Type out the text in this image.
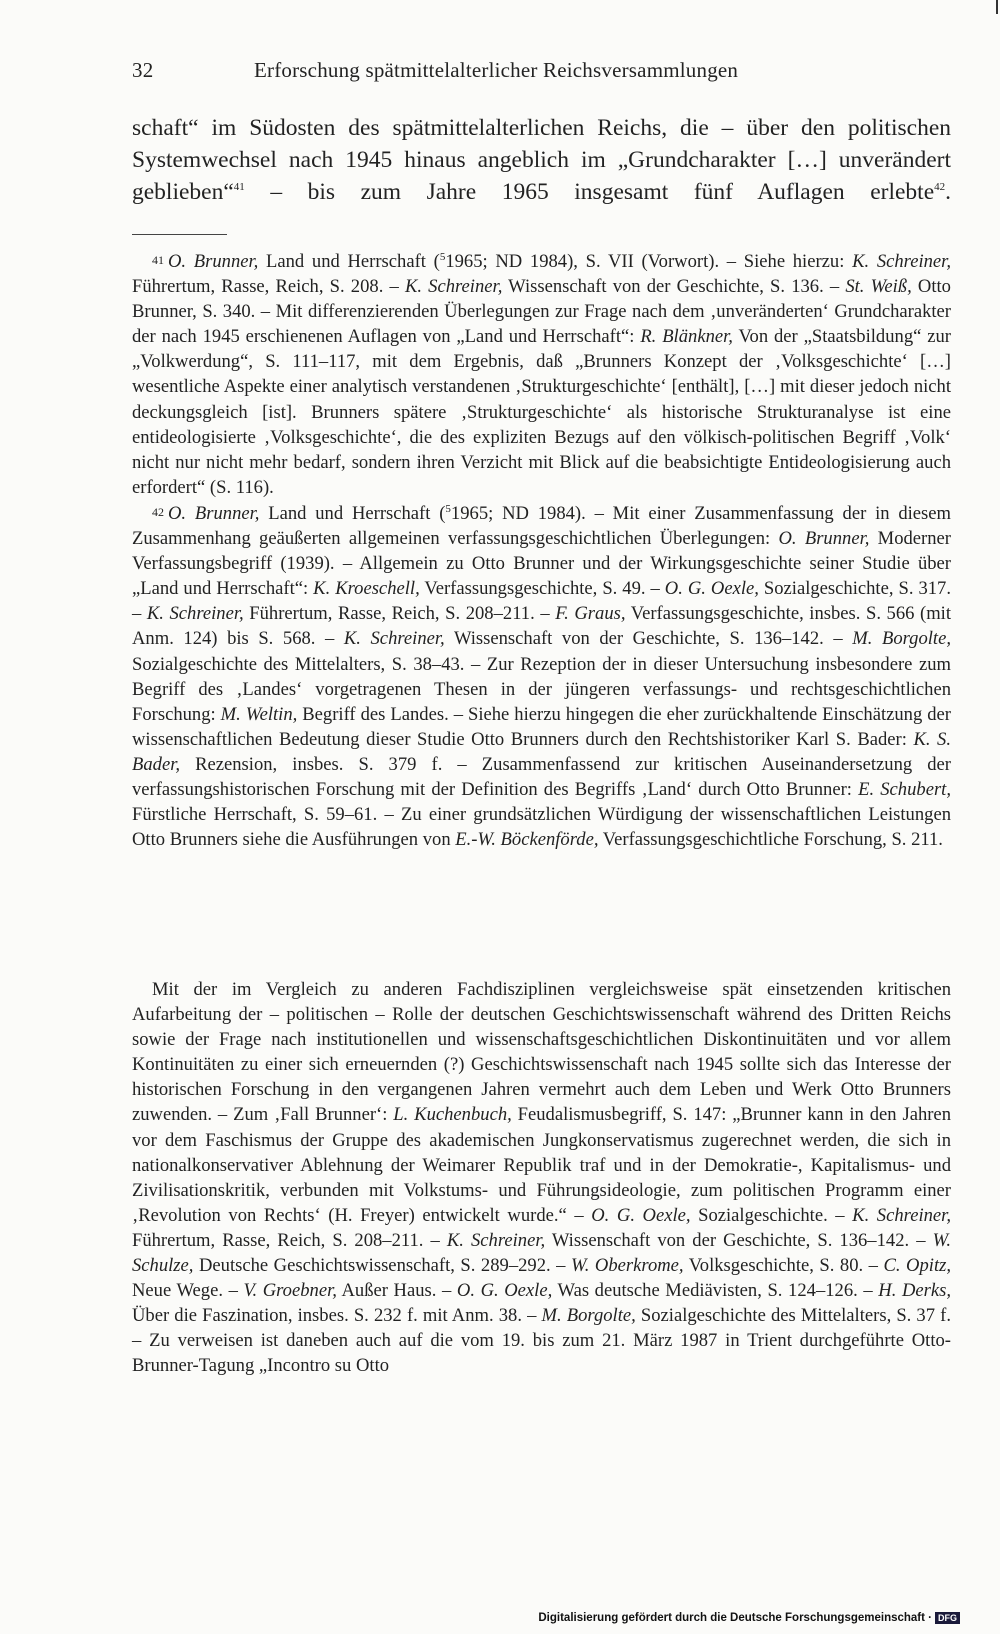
32	Erforschung spätmittelalterlicher Reichsversammlungen
schaft“ im Südosten des spätmittelalterlichen Reichs, die – über den politischen Systemwechsel nach 1945 hinaus angeblich im „Grundcharakter […] unverändert geblieben“$^{41}$ – bis zum Jahre 1965 insgesamt fünf Auflagen erlebte$^{42}$.

41 O. Brunner, Land und Herrschaft ($^5$1965; ND 1984), S. VII (Vorwort). – Siehe hierzu: K. Schreiner, Führertum, Rasse, Reich, S. 208. – K. Schreiner, Wissenschaft von der Geschichte, S. 136. – St. Weiß, Otto Brunner, S. 340. – Mit differenzierenden Überlegungen zur Frage nach dem ‚unveränderten‘ Grundcharakter der nach 1945 erschienenen Auflagen von „Land und Herrschaft“: R. Blänkner, Von der „Staatsbildung“ zur „Volkwerdung“, S. 111–117, mit dem Ergebnis, daß „Brunners Konzept der ‚Volksgeschichte‘ […] wesentliche Aspekte einer analytisch verstandenen ‚Strukturgeschichte‘ [enthält], […] mit dieser jedoch nicht deckungsgleich [ist]. Brunners spätere ‚Strukturgeschichte‘ als historische Strukturanalyse ist eine entideologisierte ‚Volksgeschichte‘, die des expliziten Bezugs auf den völkisch-politischen Begriff ‚Volk‘ nicht nur nicht mehr bedarf, sondern ihren Verzicht mit Blick auf die beabsichtigte Entideologisierung auch erfordert“ (S. 116).

42 O. Brunner, Land und Herrschaft ($^5$1965; ND 1984). – Mit einer Zusammenfassung der in diesem Zusammenhang geäußerten allgemeinen verfassungsgeschichtlichen Überlegungen: O. Brunner, Moderner Verfassungsbegriff (1939). – Allgemein zu Otto Brunner und der Wirkungsgeschichte seiner Studie über „Land und Herrschaft“: K. Kroeschell, Verfassungsgeschichte, S. 49. – O. G. Oexle, Sozialgeschichte, S. 317. – K. Schreiner, Führertum, Rasse, Reich, S. 208–211. – F. Graus, Verfassungsgeschichte, insbes. S. 566 (mit Anm. 124) bis S. 568. – K. Schreiner, Wissenschaft von der Geschichte, S. 136–142. – M. Borgolte, Sozialgeschichte des Mittelalters, S. 38–43. – Zur Rezeption der in dieser Untersuchung insbesondere zum Begriff des ‚Landes‘ vorgetragenen Thesen in der jüngeren verfassungs- und rechtsgeschichtlichen Forschung: M. Weltin, Begriff des Landes. – Siehe hierzu hingegen die eher zurückhaltende Einschätzung der wissenschaftlichen Bedeutung dieser Studie Otto Brunners durch den Rechtshistoriker Karl S. Bader: K. S. Bader, Rezension, insbes. S. 379 f. – Zusammenfassend zur kritischen Auseinandersetzung der verfassungshistorischen Forschung mit der Definition des Begriffs ‚Land‘ durch Otto Brunner: E. Schubert, Fürstliche Herrschaft, S. 59–61. – Zu einer grundsätzlichen Würdigung der wissenschaftlichen Leistungen Otto Brunners siehe die Ausführungen von E.-W. Böckenförde, Verfassungsgeschichtliche Forschung, S. 211.

Mit der im Vergleich zu anderen Fachdisziplinen vergleichsweise spät einsetzenden kritischen Aufarbeitung der – politischen – Rolle der deutschen Geschichtswissenschaft während des Dritten Reichs sowie der Frage nach institutionellen und wissenschaftsgeschichtlichen Diskontinuitäten und vor allem Kontinuitäten zu einer sich erneuernden (?) Geschichtswissenschaft nach 1945 sollte sich das Interesse der historischen Forschung in den vergangenen Jahren vermehrt auch dem Leben und Werk Otto Brunners zuwenden. – Zum ‚Fall Brunner‘: L. Kuchenbuch, Feudalismusbegriff, S. 147: „Brunner kann in den Jahren vor dem Faschismus der Gruppe des akademischen Jungkonservatismus zugerechnet werden, die sich in nationalkonservativer Ablehnung der Weimarer Republik traf und in der Demokratie-, Kapitalismus- und Zivilisationskritik, verbunden mit Volkstums- und Führungsideologie, zum politischen Programm einer ‚Revolution von Rechts‘ (H. Freyer) entwickelt wurde.“ – O. G. Oexle, Sozialgeschichte. – K. Schreiner, Führertum, Rasse, Reich, S. 208–211. – K. Schreiner, Wissenschaft von der Geschichte, S. 136–142. – W. Schulze, Deutsche Geschichtswissenschaft, S. 289–292. – W. Oberkrome, Volksgeschichte, S. 80. – C. Opitz, Neue Wege. – V. Groebner, Außer Haus. – O. G. Oexle, Was deutsche Mediävisten, S. 124–126. – H. Derks, Über die Faszination, insbes. S. 232 f. mit Anm. 38. – M. Borgolte, Sozialgeschichte des Mittelalters, S. 37 f. – Zu verweisen ist daneben auch auf die vom 19. bis zum 21. März 1987 in Trient durchgeführte Otto-Brunner-Tagung „Incontro su Otto

Digitalisierung gefördert durch die Deutsche Forschungsgemeinschaft · DFG
